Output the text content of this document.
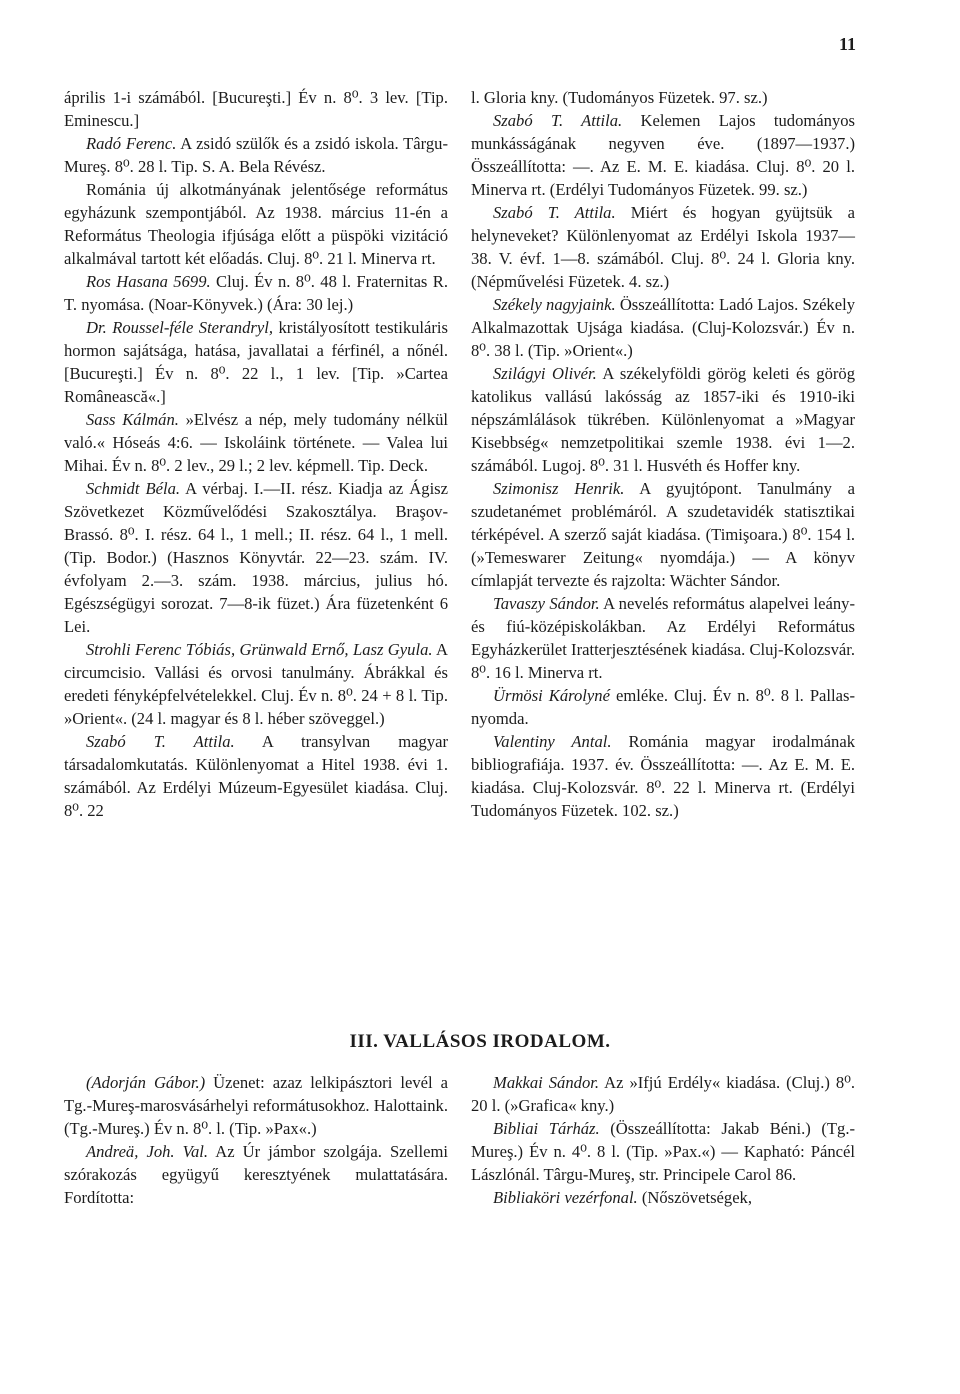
11

április 1-i számából. [Bucureşti.] Év n. 8⁰. 3 lev. [Tip. Eminescu.]

Radó Ferenc. A zsidó szülők és a zsidó iskola. Târgu-Mureş. 8⁰. 28 l. Tip. S. A. Bela Révész.

Románia új alkotmányának jelentősége református egyházunk szempontjából. Az 1938. március 11-én a Református Theologia ifjúsága előtt a püspöki vizitáció alkalmával tartott két előadás. Cluj. 8⁰. 21 l. Minerva rt.

Ros Hasana 5699. Cluj. Év n. 8⁰. 48 l. Fraternitas R. T. nyomása. (Noar-Könyvek.) (Ára: 30 lej.)

Dr. Roussel-féle Sterandryl, kristályosított testikuláris hormon sajátsága, hatása, javallatai a férfinél, a nőnél. [Bucureşti.] Év n. 8⁰. 22 l., 1 lev. [Tip. »Cartea Românească«.]

Sass Kálmán. »Elvész a nép, mely tudomány nélkül való.« Hóseás 4:6. — Iskoláink története. — Valea lui Mihai. Év n. 8⁰. 2 lev., 29 l.; 2 lev. képmell. Tip. Deck.

Schmidt Béla. A vérbaj. I.—II. rész. Kiadja az Ágisz Szövetkezet Közművelődési Szakosztálya. Braşov-Brassó. 8⁰. I. rész. 64 l., 1 mell.; II. rész. 64 l., 1 mell. (Tip. Bodor.) (Hasznos Könyvtár. 22—23. szám. IV. évfolyam 2.—3. szám. 1938. március, julius hó. Egészségügyi sorozat. 7—8-ik füzet.) Ára füzetenként 6 Lei.

Strohli Ferenc Tóbiás, Grünwald Ernő, Lasz Gyula. A circumcisio. Vallási és orvosi tanulmány. Ábrákkal és eredeti fényképfelvételekkel. Cluj. Év n. 8⁰. 24 + 8 l. Tip. »Orient«. (24 l. magyar és 8 l. héber szöveggel.)

Szabó T. Attila. A transylvan magyar társadalomkutatás. Különlenyomat a Hitel 1938. évi 1. számából. Az Erdélyi Múzeum-Egyesület kiadása. Cluj. 8⁰. 22

l. Gloria kny. (Tudományos Füzetek. 97. sz.)

Szabó T. Attila. Kelemen Lajos tudományos munkásságának negyven éve. (1897—1937.) Összeállította: —. Az E. M. E. kiadása. Cluj. 8⁰. 20 l. Minerva rt. (Erdélyi Tudományos Füzetek. 99. sz.)

Szabó T. Attila. Miért és hogyan gyüjtsük a helyneveket? Különlenyomat az Erdélyi Iskola 1937—38. V. évf. 1—8. számából. Cluj. 8⁰. 24 l. Gloria kny. (Népművelési Füzetek. 4. sz.)

Székely nagyjaink. Összeállította: Ladó Lajos. Székely Alkalmazottak Ujsága kiadása. (Cluj-Kolozsvár.) Év n. 8⁰. 38 l. (Tip. »Orient«.)

Szilágyi Olivér. A székelyföldi görög keleti és görög katolikus vallású lakósság az 1857-iki és 1910-iki népszámlálások tükrében. Különlenyomat a »Magyar Kisebbség« nemzetpolitikai szemle 1938. évi 1—2. számából. Lugoj. 8⁰. 31 l. Husvéth és Hoffer kny.

Szimonisz Henrik. A gyujtópont. Tanulmány a szudetanémet problémáról. A szudetavidék statisztikai térképével. A szerző saját kiadása. (Timişoara.) 8⁰. 154 l. (»Temeswarer Zeitung« nyomdája.) — A könyv címlapját tervezte és rajzolta: Wächter Sándor.

Tavaszy Sándor. A nevelés református alapelvei leány- és fiú-középiskolákban. Az Erdélyi Református Egyházkerület Iratterjesztésének kiadása. Cluj-Kolozsvár. 8⁰. 16 l. Minerva rt.

Ürmösi Károlyné emléke. Cluj. Év n. 8⁰. 8 l. Pallas-nyomda.

Valentiny Antal. Románia magyar irodalmának bibliografiája. 1937. év. Összeállította: —. Az E. M. E. kiadása. Cluj-Kolozsvár. 8⁰. 22 l. Minerva rt. (Erdélyi Tudományos Füzetek. 102. sz.)

III. VALLÁSOS IRODALOM.

(Adorján Gábor.) Üzenet: azaz lelkipásztori levél a Tg.-Mureş-marosvásárhelyi reformátusokhoz. Halottaink. (Tg.-Mureş.) Év n. 8⁰. l. (Tip. »Pax«.)

Andreä, Joh. Val. Az Úr jámbor szolgája. Szellemi szórakozás együgyű keresztyének mulattatására. Fordította:

Makkai Sándor. Az »Ifjú Erdély« kiadása. (Cluj.) 8⁰. 20 l. (»Grafica« kny.)

Bibliai Tárház. (Összeállította: Jakab Béni.) (Tg.-Mureş.) Év n. 4⁰. 8 l. (Tip. »Pax.«) — Kapható: Páncél Lászlónál. Târgu-Mureş, str. Principele Carol 86.

Bibliaköri vezérfonal. (Nőszövetségek,
